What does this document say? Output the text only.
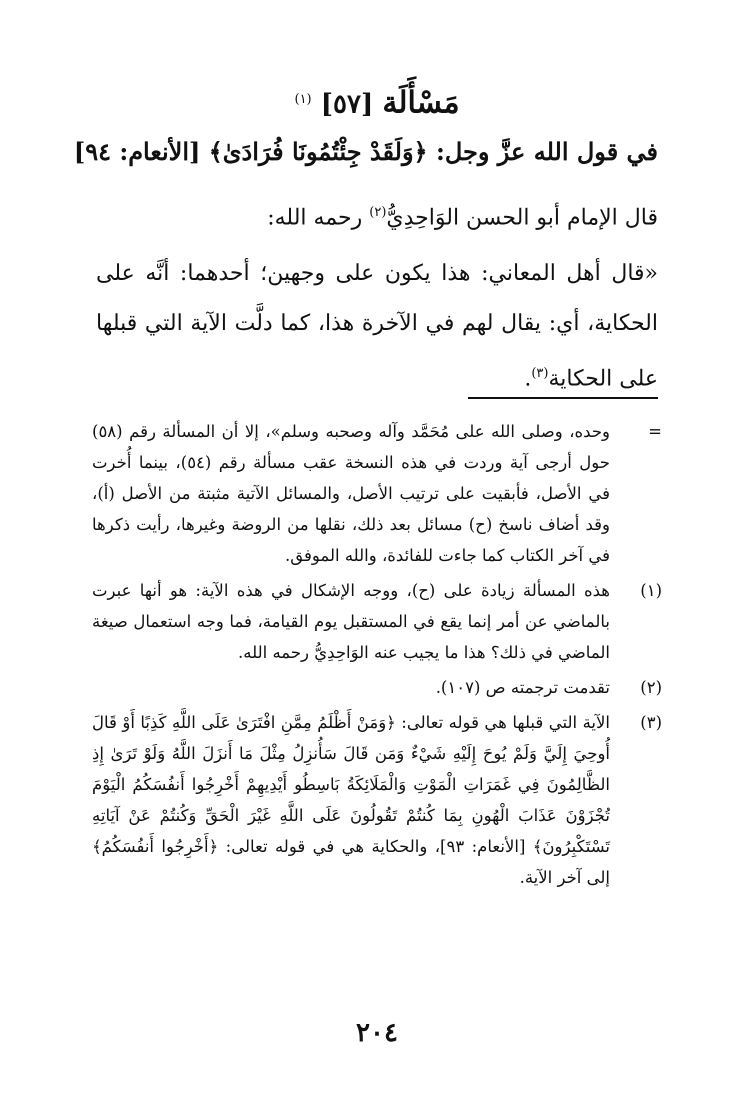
مَسْأَلَة [٥٧] $^{(١)}$
في قول الله عزَّ وجل: ﴿وَلَقَدْ جِئْتُمُونَا فُرَادَىٰ﴾ [الأنعام: ٩٤]

قال الإمام أبو الحسن الوَاحِدِيُّ$^{(٢)}$ رحمه الله:

«قال أهل المعاني: هذا يكون على وجهين؛ أحدهما: أنَّه على الحكاية، أي: يقال لهم في الآخرة هذا، كما دلَّت الآية التي قبلها على الحكاية$^{(٣)}$.

=
وحده، وصلى الله على مُحَمَّد وآله وصحبه وسلم»، إلا أن المسألة رقم (٥٨) حول أرجى آية وردت في هذه النسخة عقب مسألة رقم (٥٤)، بينما أُخرت في الأصل، فأبقيت على ترتيب الأصل، والمسائل الآتية مثبتة من الأصل (أ)، وقد أضاف ناسخ (ح) مسائل بعد ذلك، نقلها من الروضة وغيرها، رأيت ذكرها في آخر الكتاب كما جاءت للفائدة، والله الموفق.
(١)
هذه المسألة زيادة على (ح)، ووجه الإشكال في هذه الآية: هو أنها عبرت بالماضي عن أمر إنما يقع في المستقبل يوم القيامة، فما وجه استعمال صيغة الماضي في ذلك؟ هذا ما يجيب عنه الوَاحِدِيُّ رحمه الله.
(٢)
تقدمت ترجمته ص (١٠٧).
(٣)
الآية التي قبلها هي قوله تعالى: ﴿وَمَنْ أَظْلَمُ مِمَّنِ افْتَرَىٰ عَلَى اللَّهِ كَذِبًا أَوْ قَالَ أُوحِيَ إِلَيَّ وَلَمْ يُوحَ إِلَيْهِ شَيْءٌ وَمَن قَالَ سَأُنزِلُ مِثْلَ مَا أَنزَلَ اللَّهُ وَلَوْ تَرَىٰ إِذِ الظَّالِمُونَ فِي غَمَرَاتِ الْمَوْتِ وَالْمَلَائِكَةُ بَاسِطُو أَيْدِيهِمْ أَخْرِجُوا أَنفُسَكُمُ الْيَوْمَ تُجْزَوْنَ عَذَابَ الْهُونِ بِمَا كُنتُمْ تَقُولُونَ عَلَى اللَّهِ غَيْرَ الْحَقِّ وَكُنتُمْ عَنْ آيَاتِهِ تَسْتَكْبِرُونَ﴾ [الأنعام: ٩٣]، والحكاية هي في قوله تعالى: ﴿أَخْرِجُوا أَنفُسَكُمُ﴾ إلى آخر الآية.
٢٠٤
